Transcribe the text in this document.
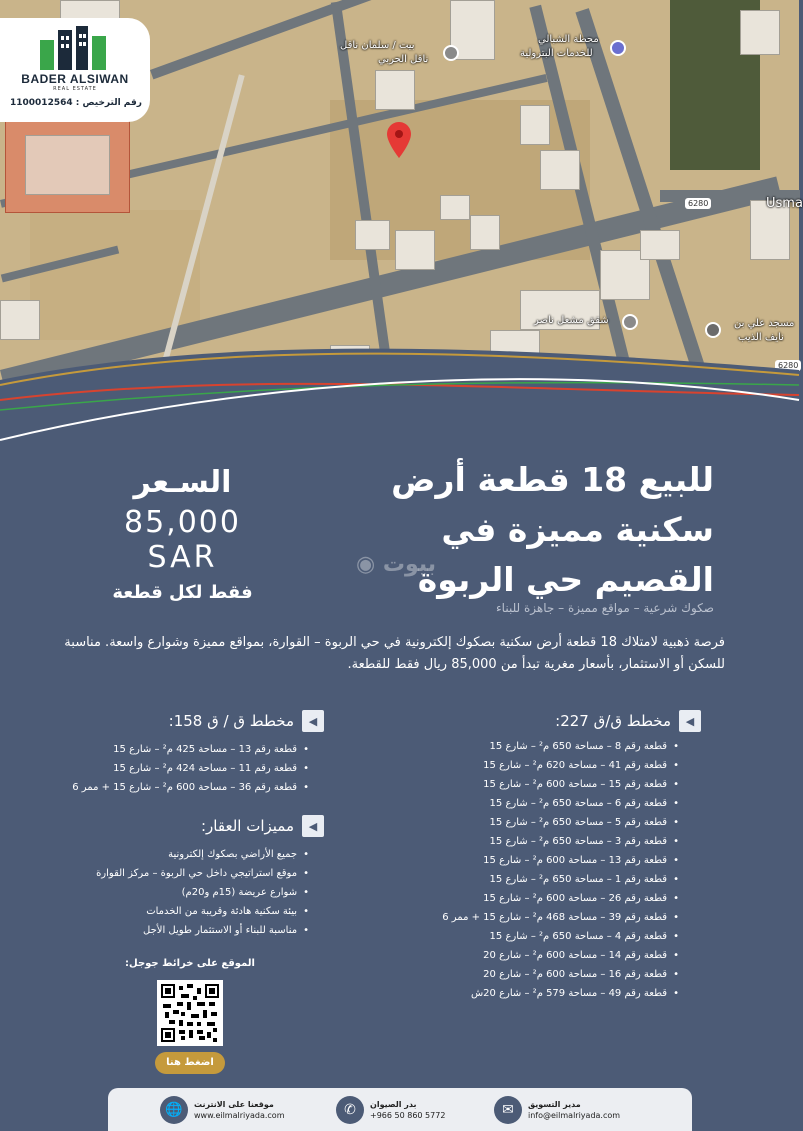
بيت / سلمان ناقل
ناقل الحربي
محطة الشبالي
للخدمات البترولية
شقق مشعل ناصر	مسجد علي بن
نايف الذيب
Usma
6280
6280
BADER ALSIWAN
REAL ESTATE
رقم الترخيص : 1100012564
للبيع 18 قطعة أرض
سكنية مميزة في
القصيم حي الربوة
بيوت ◉
صكوك شرعية – مواقع مميزة – جاهزة للبناء
السـعر
85,000
SAR
فقط لكل قطعة
فرصة ذهبية لامتلاك 18 قطعة أرض سكنية بصكوك إلكترونية في حي الربوة – القوارة، بمواقع مميزة وشوارع واسعة. مناسبة للسكن أو الاستثمار، بأسعار مغرية تبدأ من 85,000 ريال فقط للقطعة.
◀
مخطط ق/ق 227:
• قطعة رقم 8 – مساحة 650 م² – شارع 15
• قطعة رقم 41 – مساحة 620 م² – شارع 15
• قطعة رقم 15 – مساحة 600 م² – شارع 15
• قطعة رقم 6 – مساحة 650 م² – شارع 15
• قطعة رقم 5 – مساحة 650 م² – شارع 15
• قطعة رقم 3 – مساحة 650 م² – شارع 15
• قطعة رقم 13 – مساحة 600 م² – شارع 15
• قطعة رقم 1 – مساحة 650 م² – شارع 15
• قطعة رقم 26 – مساحة 600 م² – شارع 15
• قطعة رقم 39 – مساحة 468 م² – شارع 15 + ممر 6
• قطعة رقم 4 – مساحة 650 م² – شارع 15
• قطعة رقم 14 – مساحة 600 م² – شارع 20
• قطعة رقم 16 – مساحة 600 م² – شارع 20
• قطعة رقم 49 – مساحة 579 م² – شارع 20ش
◀
مخطط ق / ق 158:
• قطعة رقم 13 – مساحة 425 م² – شارع 15
• قطعة رقم 11 – مساحة 424 م² – شارع 15
• قطعة رقم 36 – مساحة 600 م² – شارع 15 + ممر 6
◀
مميزات العقار:
• جميع الأراضي بصكوك إلكترونية
• موقع استراتيجي داخل حي الربوة – مركز القوارة
• شوارع عريضة (15م و20م)
• بيئة سكنية هادئة وقريبة من الخدمات
• مناسبة للبناء أو الاستثمار طويل الأجل
الموقع على خرائط جوجل:
اضغط هنا
🌐	موقعنا على الانترنت
www.eilmalriyada.com	✆	بدر الصيوان
+966 50 860 5772	✉	مدير التسويق
info@eilmalriyada.com
